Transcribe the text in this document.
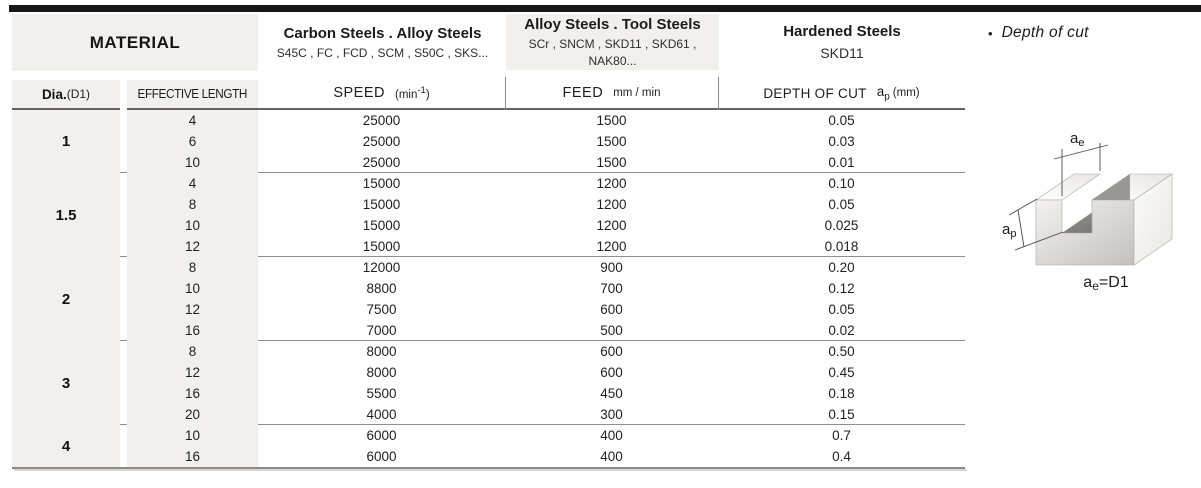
MATERIAL	Carbon Steels . Alloy Steels
S45C , FC , FCD , SCM , S50C , SKS...
Alloy Steels . Tool Steels
SCr , SNCM , SKD11 , SKD61 , NAK80...
Hardened Steels
SKD11
Dia. (D1)	EFFECTIVE LENGTH	SPEED $(\min^{-1})$	FEED mm / min	DEPTH OF CUT $a_p$ (mm)
1
4	25000	1500	0.05
6	25000	1500	0.03
10	25000	1500	0.01
1.5
4	15000	1200	0.10
8	15000	1200	0.05
10	15000	1200	0.025
12	15000	1200	0.018
2
8	12000	900	0.20
10	8800	700	0.12
12	7500	600	0.05
16	7000	500	0.02
3
8	8000	600	0.50
12	8000	600	0.45
16	5500	450	0.18
20	4000	300	0.15
4
10	6000	400	0.7
16	6000	400	0.4
• Depth of cut
$a_e$
$a_p$
ae=D1
